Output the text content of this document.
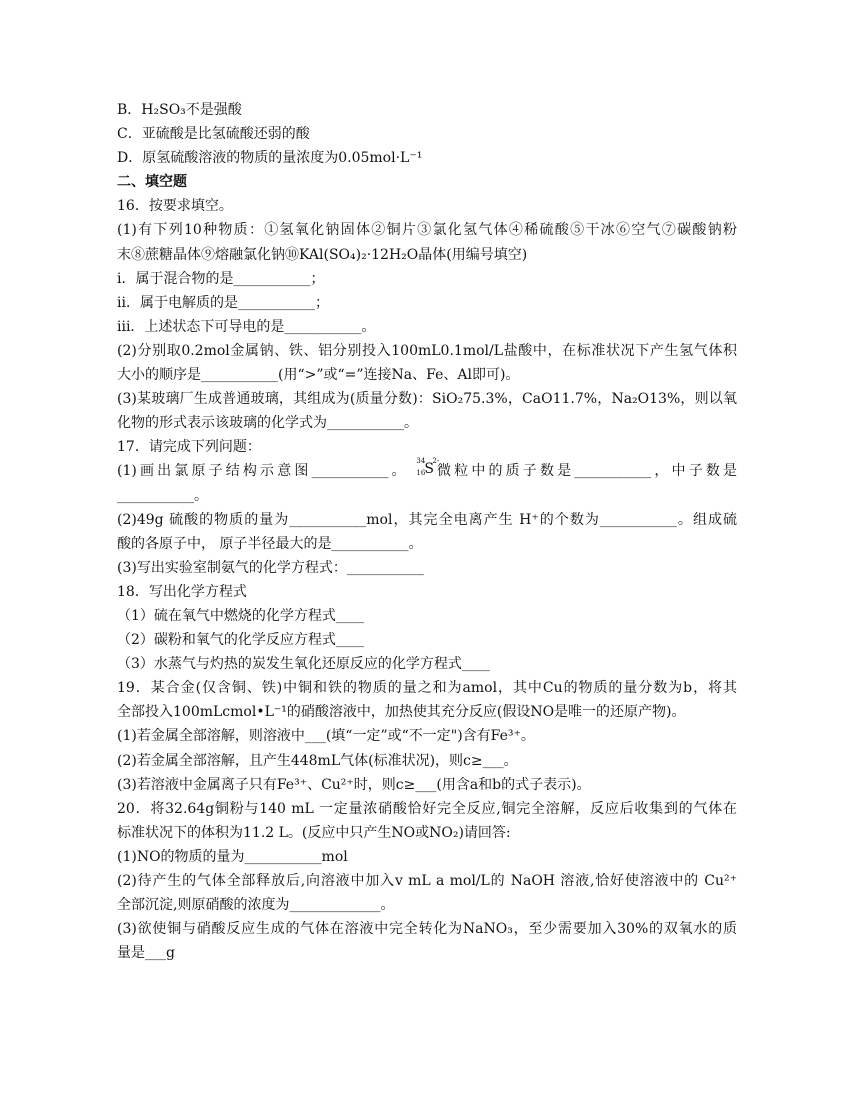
B．H₂SO₃不是强酸
C．亚硫酸是比氢硫酸还弱的酸
D．原氢硫酸溶液的物质的量浓度为0.05mol·L⁻¹
二、填空题
16．按要求填空。
(1)有下列10种物质：①氢氧化钠固体②铜片③氯化氢气体④稀硫酸⑤干冰⑥空气⑦碳酸钠粉
末⑧蔗糖晶体⑨熔融氯化钠⑩KAl(SO₄)₂·12H₂O晶体(用编号填空)
i．属于混合物的是___________；
ii．属于电解质的是___________；
iii．上述状态下可导电的是___________。
(2)分别取0.2mol金属钠、铁、铝分别投入100mL0.1mol/L盐酸中，在标准状况下产生氢气体积
大小的顺序是___________(用“>”或“=”连接Na、Fe、Al即可)。
(3)某玻璃厂生成普通玻璃，其组成为(质量分数)：SiO₂75.3%，CaO11.7%，Na₂O13%，则以氧
化物的形式表示该玻璃的化学式为___________。
17．请完成下列问题：
(1)画出氯原子结构示意图___________。
34
16 S
2-
微粒中的质子数是___________，中子数是
___________。
(2)49g 硫酸的物质的量为___________mol，其完全电离产生 H⁺的个数为___________。组成硫
酸的各原子中， 原子半径最大的是___________。
(3)写出实验室制氨气的化学方程式：___________
18．写出化学方程式
（1）硫在氧气中燃烧的化学方程式____
（2）碳粉和氧气的化学反应方程式____
（3）水蒸气与灼热的炭发生氧化还原反应的化学方程式____
19．某合金(仅含铜、铁)中铜和铁的物质的量之和为amol，其中Cu的物质的量分数为b，将其
全部投入100mLcmol•L⁻¹的硝酸溶液中，加热使其充分反应(假设NO是唯一的还原产物)。
(1)若金属全部溶解，则溶液中___(填“一定”或“不一定")含有Fe³⁺。
(2)若金属全部溶解，且产生448mL气体(标准状况)，则c≥___。
(3)若溶液中金属离子只有Fe³⁺、Cu²⁺时，则c≥___(用含a和b的式子表示)。
20．将32.64g铜粉与140 mL 一定量浓硝酸恰好完全反应,铜完全溶解，反应后收集到的气体在
标准状况下的体积为11.2 L。(反应中只产生NO或NO₂)请回答:
(1)NO的物质的量为___________mol
(2)待产生的气体全部释放后,向溶液中加入v mL a mol/L的 NaOH 溶液,恰好使溶液中的 Cu²⁺
全部沉淀,则原硝酸的浓度为_____________。
(3)欲使铜与硝酸反应生成的气体在溶液中完全转化为NaNO₃，至少需要加入30%的双氧水的质
量是___g
